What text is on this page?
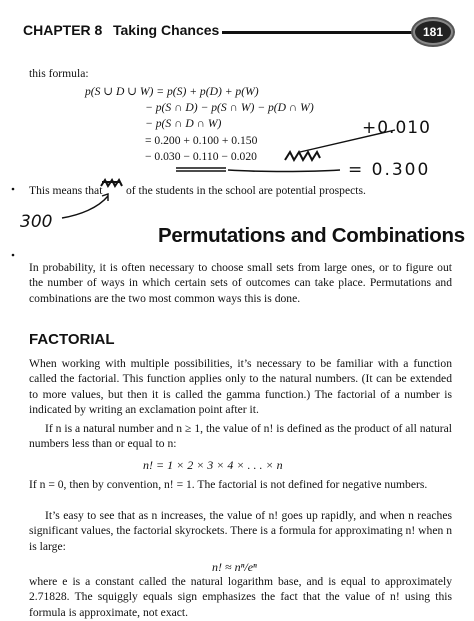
CHAPTER 8 Taking Chances	181
this formula:
p(S ∪ D ∪ W) = p(S) + p(D) + p(W)
− p(S ∩ D) − p(S ∩ W) − p(D ∩ W)
− p(S ∩ D ∩ W)
= 0.200 + 0.100 + 0.150
− 0.030 − 0.110 − 0.020
+0.010
= 0.300
300
This means that of the students in the school are potential prospects.
Permutations and Combinations

In probability, it is often necessary to choose small sets from large ones, or to figure out the number of ways in which certain sets of outcomes can take place. Permutations and combinations are the two most common ways this is done.

FACTORIAL

When working with multiple possibilities, it’s necessary to be familiar with a function called the factorial. This function applies only to the natural numbers. (It can be extended to more values, but then it is called the gamma function.) The factorial of a number is indicated by writing an exclamation point after it.

If n is a natural number and n ≥ 1, the value of n! is defined as the product of all natural numbers less than or equal to n:

n! = 1 × 2 × 3 × 4 × . . . × n

If n = 0, then by convention, n! = 1. The factorial is not defined for negative numbers.

It’s easy to see that as n increases, the value of n! goes up rapidly, and when n reaches significant values, the factorial skyrockets. There is a formula for approximating n! when n is large:

n! ≈ nⁿ/eⁿ

where e is a constant called the natural logarithm base, and is equal to approximately 2.71828. The squiggly equals sign emphasizes the fact that the value of n! using this formula is approximate, not exact.
